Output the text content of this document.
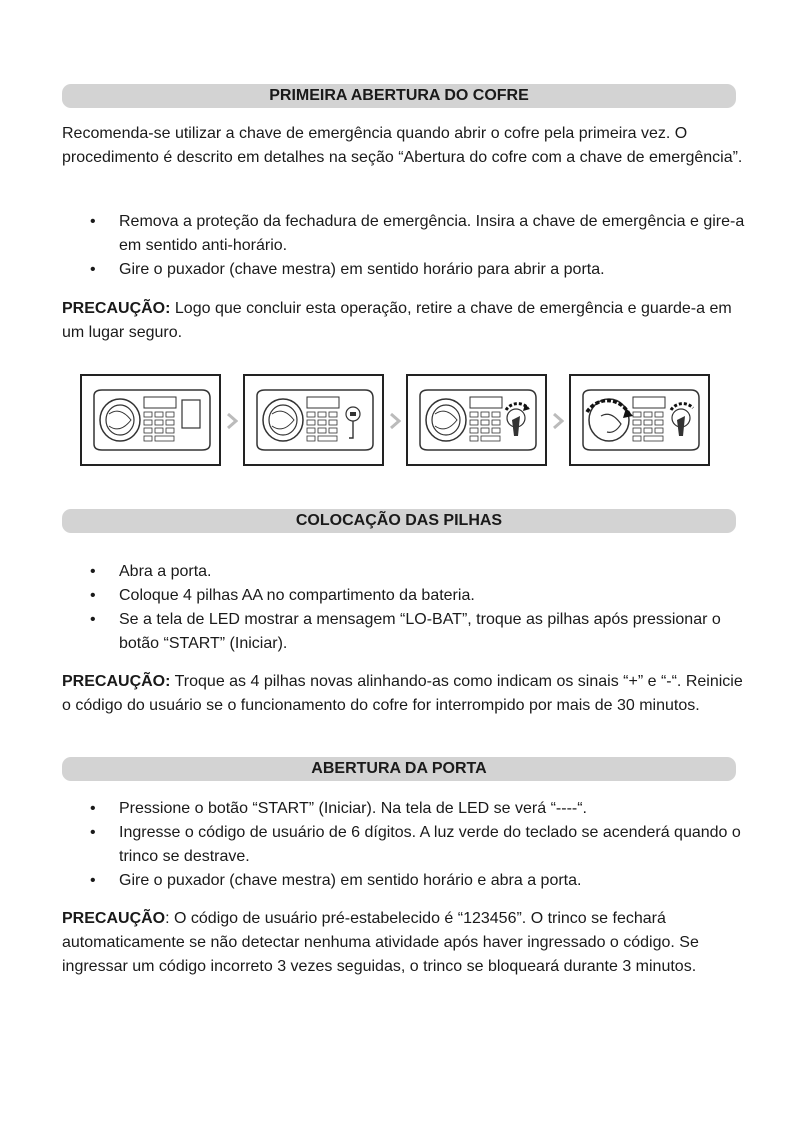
PRIMEIRA ABERTURA DO COFRE

Recomenda-se utilizar a chave de emergência quando abrir o cofre pela primeira vez. O procedimento é descrito em detalhes na seção “Abertura do cofre com a chave de emergência”.

• Remova a proteção da fechadura de emergência. Insira a chave de emergência e gire-a em sentido anti-horário.
• Gire o puxador (chave mestra) em sentido horário para abrir a porta.

PRECAUÇÃO: Logo que concluir esta operação, retire a chave de emergência e guarde-a em um lugar seguro.

COLOCAÇÃO DAS PILHAS
• Abra a porta.
• Coloque 4 pilhas AA no compartimento da bateria.
• Se a tela de LED mostrar a mensagem “LO-BAT”, troque as pilhas após pressionar o botão “START” (Iniciar).

PRECAUÇÃO: Troque as 4 pilhas novas alinhando-as como indicam os sinais “+” e “-“. Reinicie o código do usuário se o funcionamento do cofre for interrompido por mais de 30 minutos.

ABERTURA DA PORTA
• Pressione o botão “START” (Iniciar). Na tela de LED se verá “----“.
• Ingresse o código de usuário de 6 dígitos. A luz verde do teclado se acenderá quando o trinco se destrave.
• Gire o puxador (chave mestra) em sentido horário e abra a porta.

PRECAUÇÃO: O código de usuário pré-estabelecido é “123456”. O trinco se fechará automaticamente se não detectar nenhuma atividade após haver ingressado o código. Se ingressar um código incorreto 3 vezes seguidas, o trinco se bloqueará durante 3 minutos.
